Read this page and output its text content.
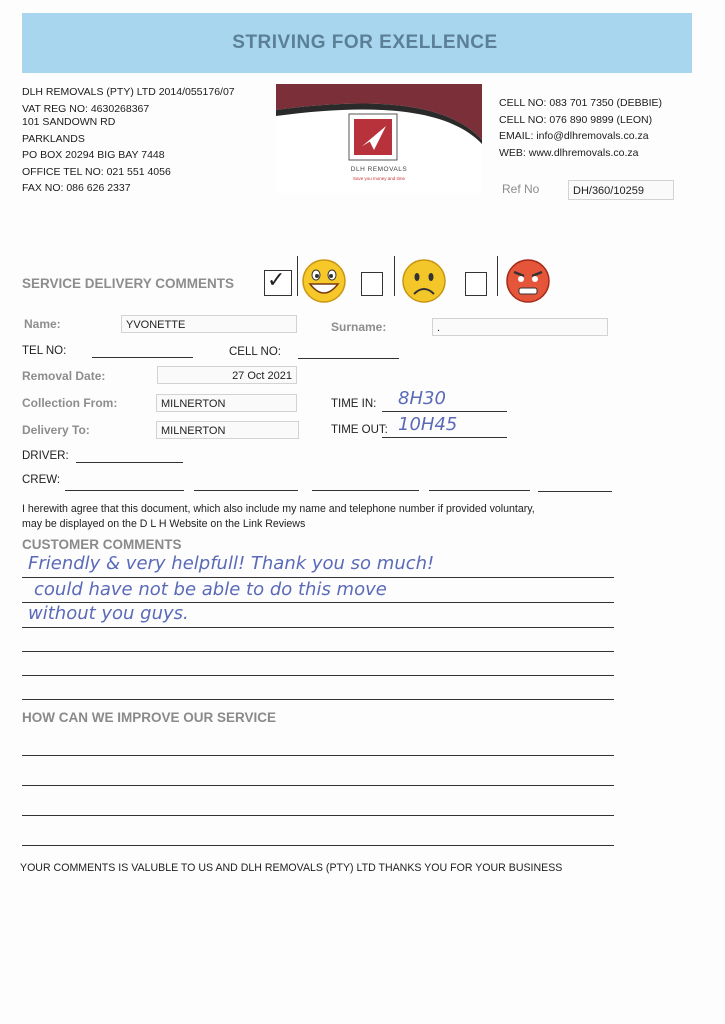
STRIVING FOR EXELLENCE
DLH REMOVALS (PTY) LTD 2014/055176/07
VAT REG NO: 4630268367
101 SANDOWN RD
PARKLANDS
PO BOX 20294 BIG BAY 7448
OFFICE TEL NO: 021 551 4056
FAX NO: 086 626 2337
DLH REMOVALS
Save you money and time
CELL NO: 083 701 7350 (DEBBIE)
CELL NO: 076 890 9899 (LEON)
EMAIL: info@dlhremovals.co.za
WEB: www.dlhremovals.co.za
Ref No	DH/360/10259
SERVICE DELIVERY COMMENTS ✓
Name:	YVONETTE	Surname:	.
TEL NO:	CELL NO:
Removal Date:	27 Oct 2021
Collection From:	MILNERTON	TIME IN: 8H30
Delivery To:	MILNERTON	TIME OUT: 10H45
DRIVER:
CREW:
I herewith agree that this document, which also include my name and telephone number if provided voluntary,
may be displayed on the D L H Website on the Link Reviews
CUSTOMER COMMENTS
Friendly & very helpfull! Thank you so much!
could have not be able to do this move
without you guys.
HOW CAN WE IMPROVE OUR SERVICE
YOUR COMMENTS IS VALUBLE TO US AND DLH REMOVALS (PTY) LTD THANKS YOU FOR YOUR BUSINESS
